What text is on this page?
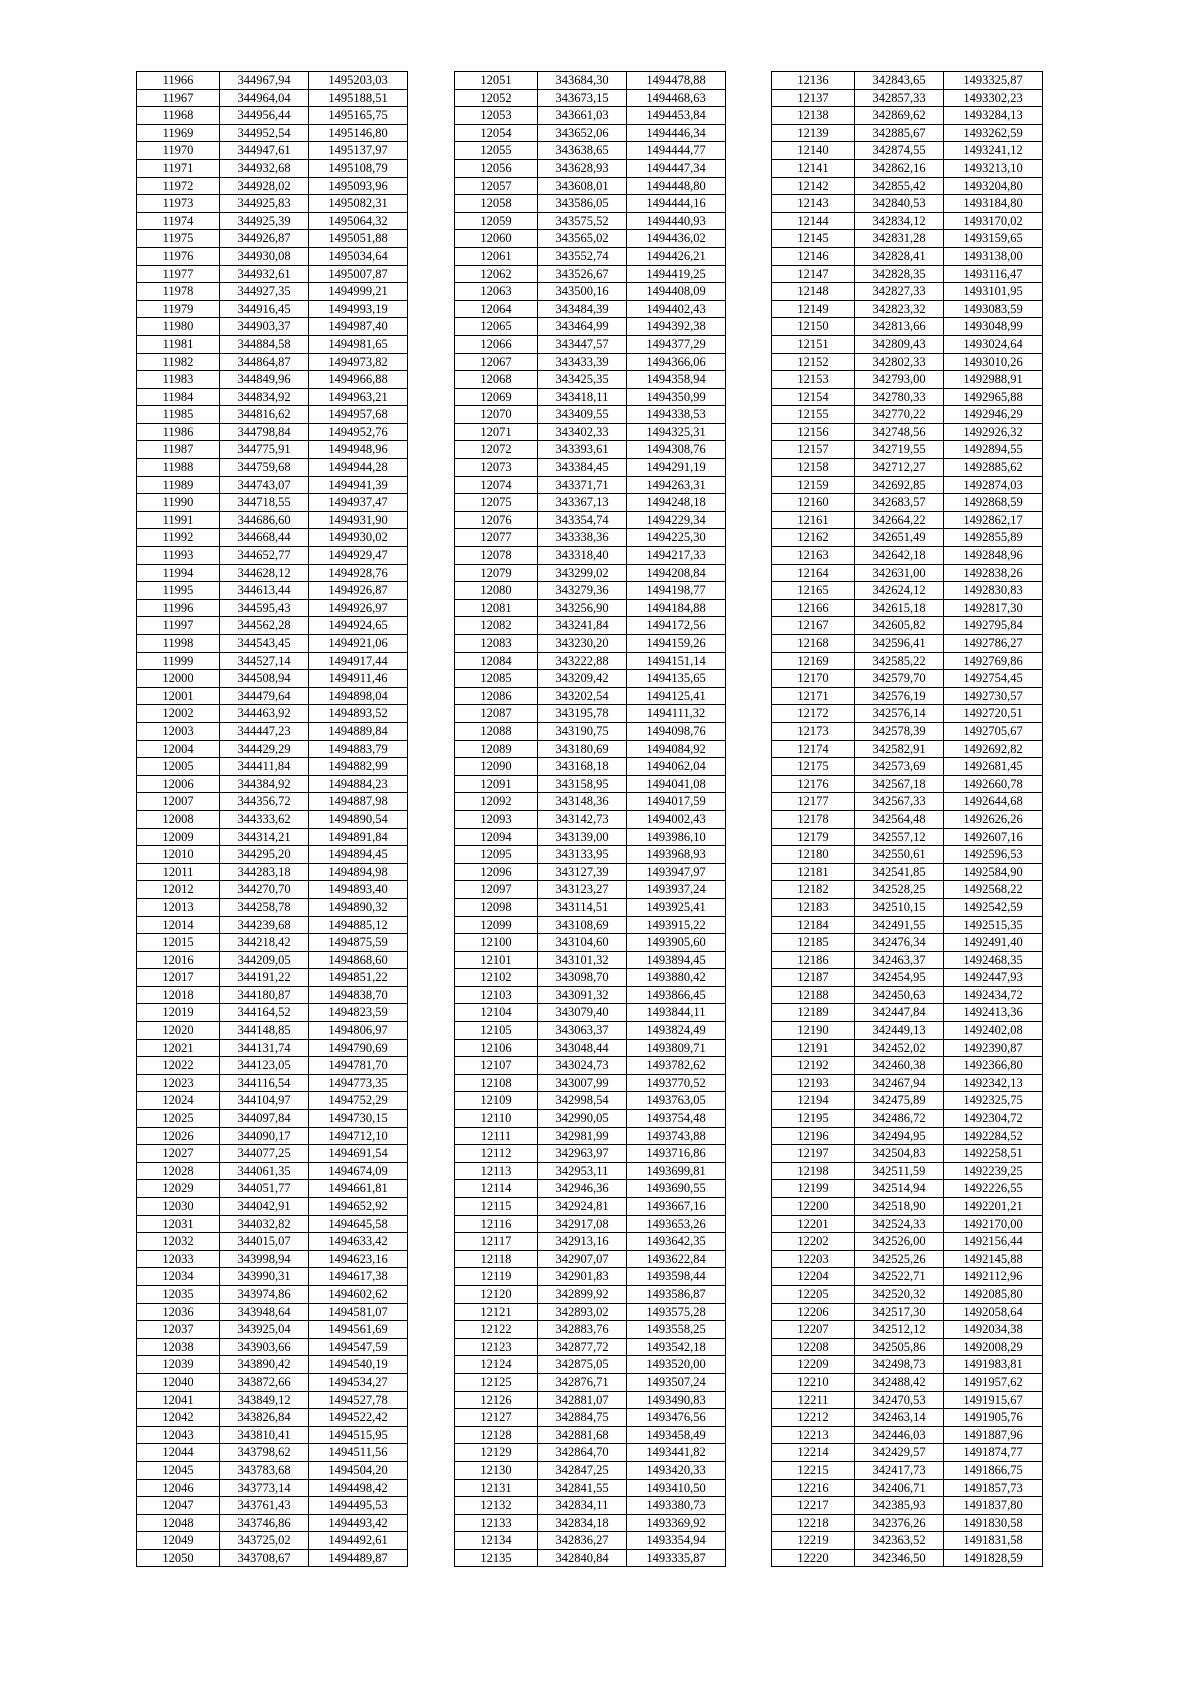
11966	344967,94	1495203,03
11967	344964,04	1495188,51
11968	344956,44	1495165,75
11969	344952,54	1495146,80
11970	344947,61	1495137,97
11971	344932,68	1495108,79
11972	344928,02	1495093,96
11973	344925,83	1495082,31
11974	344925,39	1495064,32
11975	344926,87	1495051,88
11976	344930,08	1495034,64
11977	344932,61	1495007,87
11978	344927,35	1494999,21
11979	344916,45	1494993,19
11980	344903,37	1494987,40
11981	344884,58	1494981,65
11982	344864,87	1494973,82
11983	344849,96	1494966,88
11984	344834,92	1494963,21
11985	344816,62	1494957,68
11986	344798,84	1494952,76
11987	344775,91	1494948,96
11988	344759,68	1494944,28
11989	344743,07	1494941,39
11990	344718,55	1494937,47
11991	344686,60	1494931,90
11992	344668,44	1494930,02
11993	344652,77	1494929,47
11994	344628,12	1494928,76
11995	344613,44	1494926,87
11996	344595,43	1494926,97
11997	344562,28	1494924,65
11998	344543,45	1494921,06
11999	344527,14	1494917,44
12000	344508,94	1494911,46
12001	344479,64	1494898,04
12002	344463,92	1494893,52
12003	344447,23	1494889,84
12004	344429,29	1494883,79
12005	344411,84	1494882,99
12006	344384,92	1494884,23
12007	344356,72	1494887,98
12008	344333,62	1494890,54
12009	344314,21	1494891,84
12010	344295,20	1494894,45
12011	344283,18	1494894,98
12012	344270,70	1494893,40
12013	344258,78	1494890,32
12014	344239,68	1494885,12
12015	344218,42	1494875,59
12016	344209,05	1494868,60
12017	344191,22	1494851,22
12018	344180,87	1494838,70
12019	344164,52	1494823,59
12020	344148,85	1494806,97
12021	344131,74	1494790,69
12022	344123,05	1494781,70
12023	344116,54	1494773,35
12024	344104,97	1494752,29
12025	344097,84	1494730,15
12026	344090,17	1494712,10
12027	344077,25	1494691,54
12028	344061,35	1494674,09
12029	344051,77	1494661,81
12030	344042,91	1494652,92
12031	344032,82	1494645,58
12032	344015,07	1494633,42
12033	343998,94	1494623,16
12034	343990,31	1494617,38
12035	343974,86	1494602,62
12036	343948,64	1494581,07
12037	343925,04	1494561,69
12038	343903,66	1494547,59
12039	343890,42	1494540,19
12040	343872,66	1494534,27
12041	343849,12	1494527,78
12042	343826,84	1494522,42
12043	343810,41	1494515,95
12044	343798,62	1494511,56
12045	343783,68	1494504,20
12046	343773,14	1494498,42
12047	343761,43	1494495,53
12048	343746,86	1494493,42
12049	343725,02	1494492,61
12050	343708,67	1494489,87
12051	343684,30	1494478,88
12052	343673,15	1494468,63
12053	343661,03	1494453,84
12054	343652,06	1494446,34
12055	343638,65	1494444,77
12056	343628,93	1494447,34
12057	343608,01	1494448,80
12058	343586,05	1494444,16
12059	343575,52	1494440,93
12060	343565,02	1494436,02
12061	343552,74	1494426,21
12062	343526,67	1494419,25
12063	343500,16	1494408,09
12064	343484,39	1494402,43
12065	343464,99	1494392,38
12066	343447,57	1494377,29
12067	343433,39	1494366,06
12068	343425,35	1494358,94
12069	343418,11	1494350,99
12070	343409,55	1494338,53
12071	343402,33	1494325,31
12072	343393,61	1494308,76
12073	343384,45	1494291,19
12074	343371,71	1494263,31
12075	343367,13	1494248,18
12076	343354,74	1494229,34
12077	343338,36	1494225,30
12078	343318,40	1494217,33
12079	343299,02	1494208,84
12080	343279,36	1494198,77
12081	343256,90	1494184,88
12082	343241,84	1494172,56
12083	343230,20	1494159,26
12084	343222,88	1494151,14
12085	343209,42	1494135,65
12086	343202,54	1494125,41
12087	343195,78	1494111,32
12088	343190,75	1494098,76
12089	343180,69	1494084,92
12090	343168,18	1494062,04
12091	343158,95	1494041,08
12092	343148,36	1494017,59
12093	343142,73	1494002,43
12094	343139,00	1493986,10
12095	343133,95	1493968,93
12096	343127,39	1493947,97
12097	343123,27	1493937,24
12098	343114,51	1493925,41
12099	343108,69	1493915,22
12100	343104,60	1493905,60
12101	343101,32	1493894,45
12102	343098,70	1493880,42
12103	343091,32	1493866,45
12104	343079,40	1493844,11
12105	343063,37	1493824,49
12106	343048,44	1493809,71
12107	343024,73	1493782,62
12108	343007,99	1493770,52
12109	342998,54	1493763,05
12110	342990,05	1493754,48
12111	342981,99	1493743,88
12112	342963,97	1493716,86
12113	342953,11	1493699,81
12114	342946,36	1493690,55
12115	342924,81	1493667,16
12116	342917,08	1493653,26
12117	342913,16	1493642,35
12118	342907,07	1493622,84
12119	342901,83	1493598,44
12120	342899,92	1493586,87
12121	342893,02	1493575,28
12122	342883,76	1493558,25
12123	342877,72	1493542,18
12124	342875,05	1493520,00
12125	342876,71	1493507,24
12126	342881,07	1493490,83
12127	342884,75	1493476,56
12128	342881,68	1493458,49
12129	342864,70	1493441,82
12130	342847,25	1493420,33
12131	342841,55	1493410,50
12132	342834,11	1493380,73
12133	342834,18	1493369,92
12134	342836,27	1493354,94
12135	342840,84	1493335,87
12136	342843,65	1493325,87
12137	342857,33	1493302,23
12138	342869,62	1493284,13
12139	342885,67	1493262,59
12140	342874,55	1493241,12
12141	342862,16	1493213,10
12142	342855,42	1493204,80
12143	342840,53	1493184,80
12144	342834,12	1493170,02
12145	342831,28	1493159,65
12146	342828,41	1493138,00
12147	342828,35	1493116,47
12148	342827,33	1493101,95
12149	342823,32	1493083,59
12150	342813,66	1493048,99
12151	342809,43	1493024,64
12152	342802,33	1493010,26
12153	342793,00	1492988,91
12154	342780,33	1492965,88
12155	342770,22	1492946,29
12156	342748,56	1492926,32
12157	342719,55	1492894,55
12158	342712,27	1492885,62
12159	342692,85	1492874,03
12160	342683,57	1492868,59
12161	342664,22	1492862,17
12162	342651,49	1492855,89
12163	342642,18	1492848,96
12164	342631,00	1492838,26
12165	342624,12	1492830,83
12166	342615,18	1492817,30
12167	342605,82	1492795,84
12168	342596,41	1492786,27
12169	342585,22	1492769,86
12170	342579,70	1492754,45
12171	342576,19	1492730,57
12172	342576,14	1492720,51
12173	342578,39	1492705,67
12174	342582,91	1492692,82
12175	342573,69	1492681,45
12176	342567,18	1492660,78
12177	342567,33	1492644,68
12178	342564,48	1492626,26
12179	342557,12	1492607,16
12180	342550,61	1492596,53
12181	342541,85	1492584,90
12182	342528,25	1492568,22
12183	342510,15	1492542,59
12184	342491,55	1492515,35
12185	342476,34	1492491,40
12186	342463,37	1492468,35
12187	342454,95	1492447,93
12188	342450,63	1492434,72
12189	342447,84	1492413,36
12190	342449,13	1492402,08
12191	342452,02	1492390,87
12192	342460,38	1492366,80
12193	342467,94	1492342,13
12194	342475,89	1492325,75
12195	342486,72	1492304,72
12196	342494,95	1492284,52
12197	342504,83	1492258,51
12198	342511,59	1492239,25
12199	342514,94	1492226,55
12200	342518,90	1492201,21
12201	342524,33	1492170,00
12202	342526,00	1492156,44
12203	342525,26	1492145,88
12204	342522,71	1492112,96
12205	342520,32	1492085,80
12206	342517,30	1492058,64
12207	342512,12	1492034,38
12208	342505,86	1492008,29
12209	342498,73	1491983,81
12210	342488,42	1491957,62
12211	342470,53	1491915,67
12212	342463,14	1491905,76
12213	342446,03	1491887,96
12214	342429,57	1491874,77
12215	342417,73	1491866,75
12216	342406,71	1491857,73
12217	342385,93	1491837,80
12218	342376,26	1491830,58
12219	342363,52	1491831,58
12220	342346,50	1491828,59
